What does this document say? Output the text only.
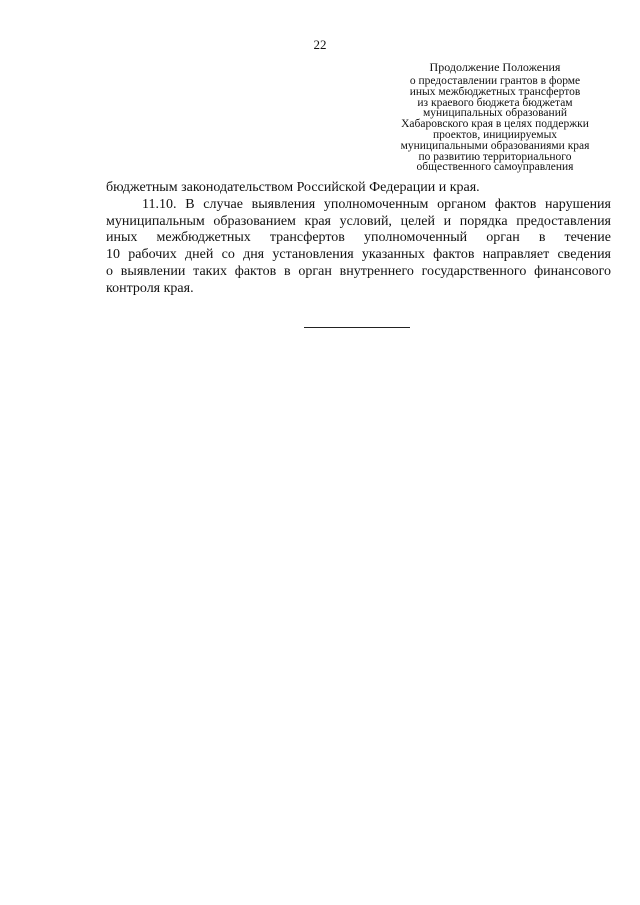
22
Продолжение Положения
о предоставлении грантов в форме
иных межбюджетных трансфертов
из краевого бюджета бюджетам
муниципальных образований
Хабаровского края в целях поддержки
проектов, инициируемых
муниципальными образованиями края
по развитию территориального
общественного самоуправления
бюджетным законодательством Российской Федерации и края.
11.10. В случае выявления уполномоченным органом фактов нарушения
муниципальным образованием края условий, целей и порядка предоставления
иных межбюджетных трансфертов уполномоченный орган в течение
10 рабочих дней со дня установления указанных фактов направляет сведения
о выявлении таких фактов в орган внутреннего государственного финансового
контроля края.
